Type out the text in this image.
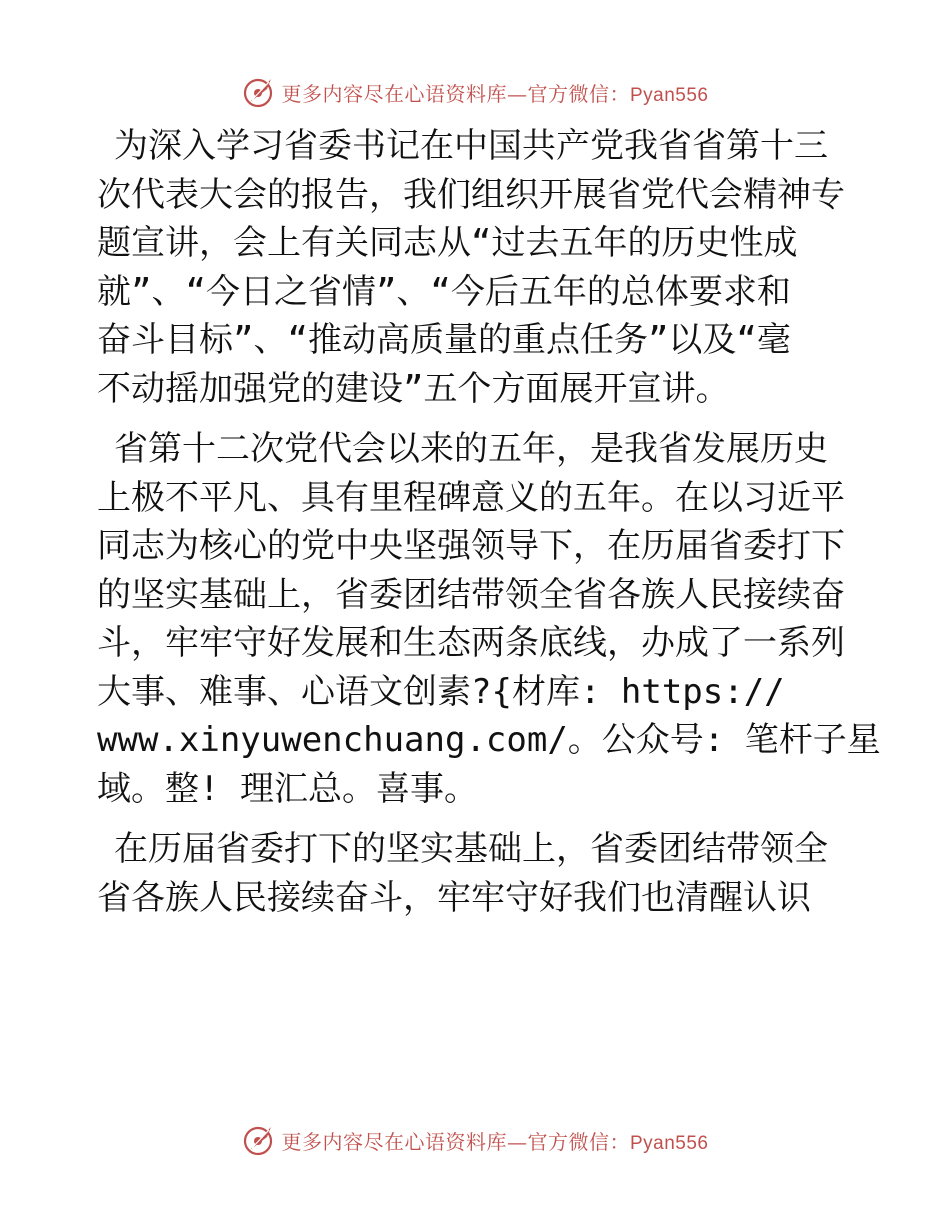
更多内容尽在心语资料库—官方微信：Pyan556

为深入学习省委书记在中国共产党我省省第十三
次代表大会的报告，我们组织开展省党代会精神专
题宣讲，会上有关同志从“过去五年的历史性成
就”、“今日之省情”、“今后五年的总体要求和
奋斗目标”、“推动高质量的重点任务”以及“毫
不动摇加强党的建设”五个方面展开宣讲。

省第十二次党代会以来的五年，是我省发展历史
上极不平凡、具有里程碑意义的五年。在以习近平
同志为核心的党中央坚强领导下，在历届省委打下
的坚实基础上，省委团结带领全省各族人民接续奋
斗，牢牢守好发展和生态两条底线，办成了一系列
大事、难事、心语文创素?{材库: https://
www.xinyuwenchuang.com/。公众号: 笔杆子星
域。整! 理汇总。喜事。

在历届省委打下的坚实基础上，省委团结带领全
省各族人民接续奋斗，牢牢守好我们也清醒认识

更多内容尽在心语资料库—官方微信：Pyan556
